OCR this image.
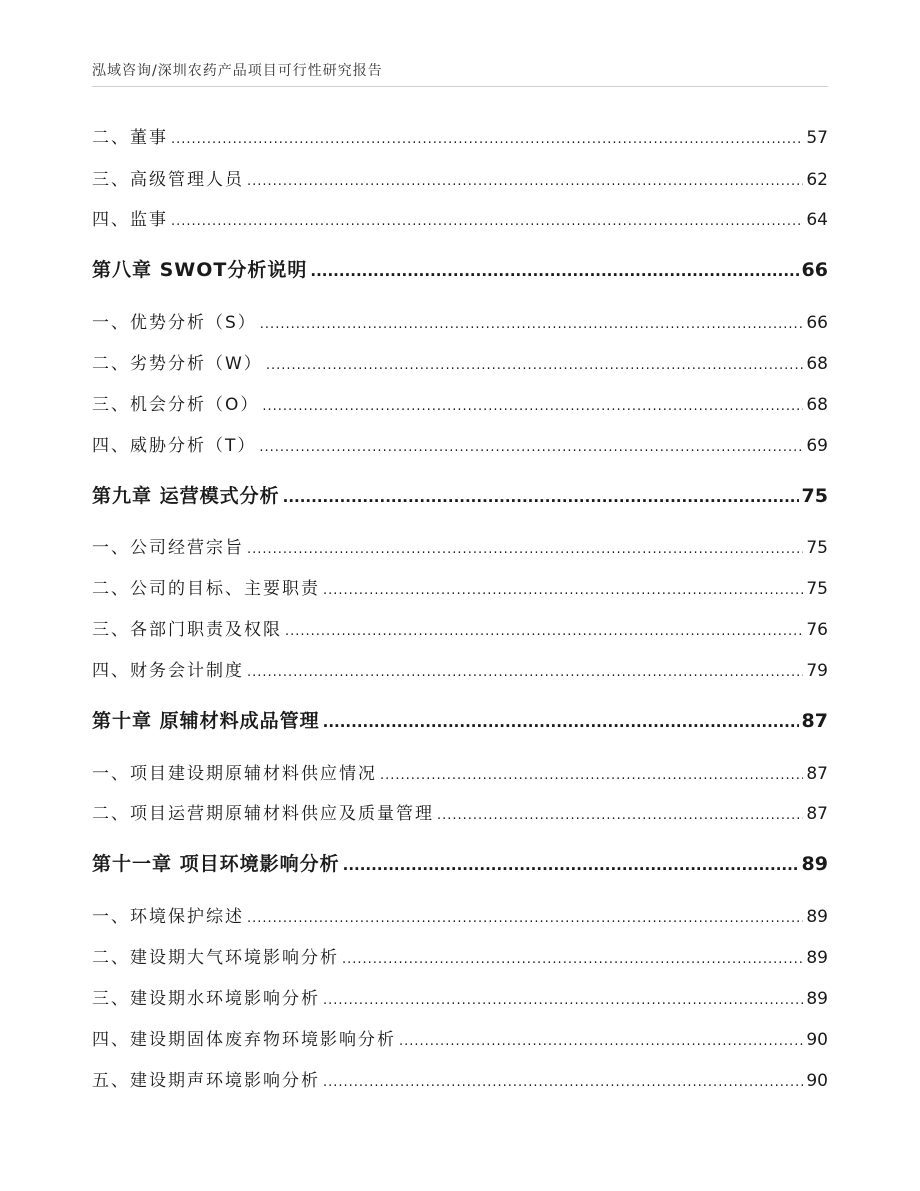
泓域咨询/深圳农药产品项目可行性研究报告
二、 董事 .....	57
三、 高级管理人员 .....	62
四、 监事 .....	64
第八章 SWOT分析说明 .....	66
一、 优势分析（S） .....	66
二、 劣势分析（W） .....	68
三、 机会分析（O） .....	68
四、 威胁分析（T） .....	69
第九章 运营模式分析 .....	75
一、 公司经营宗旨 .....	75
二、 公司的目标、主要职责 .....	75
三、 各部门职责及权限 .....	76
四、 财务会计制度 .....	79
第十章 原辅材料成品管理 .....	87
一、 项目建设期原辅材料供应情况 .....	87
二、 项目运营期原辅材料供应及质量管理 .....	87
第十一章 项目环境影响分析 .....	89
一、 环境保护综述 .....	89
二、 建设期大气环境影响分析 .....	89
三、 建设期水环境影响分析 .....	89
四、 建设期固体废弃物环境影响分析 .....	90
五、 建设期声环境影响分析 .....	90
